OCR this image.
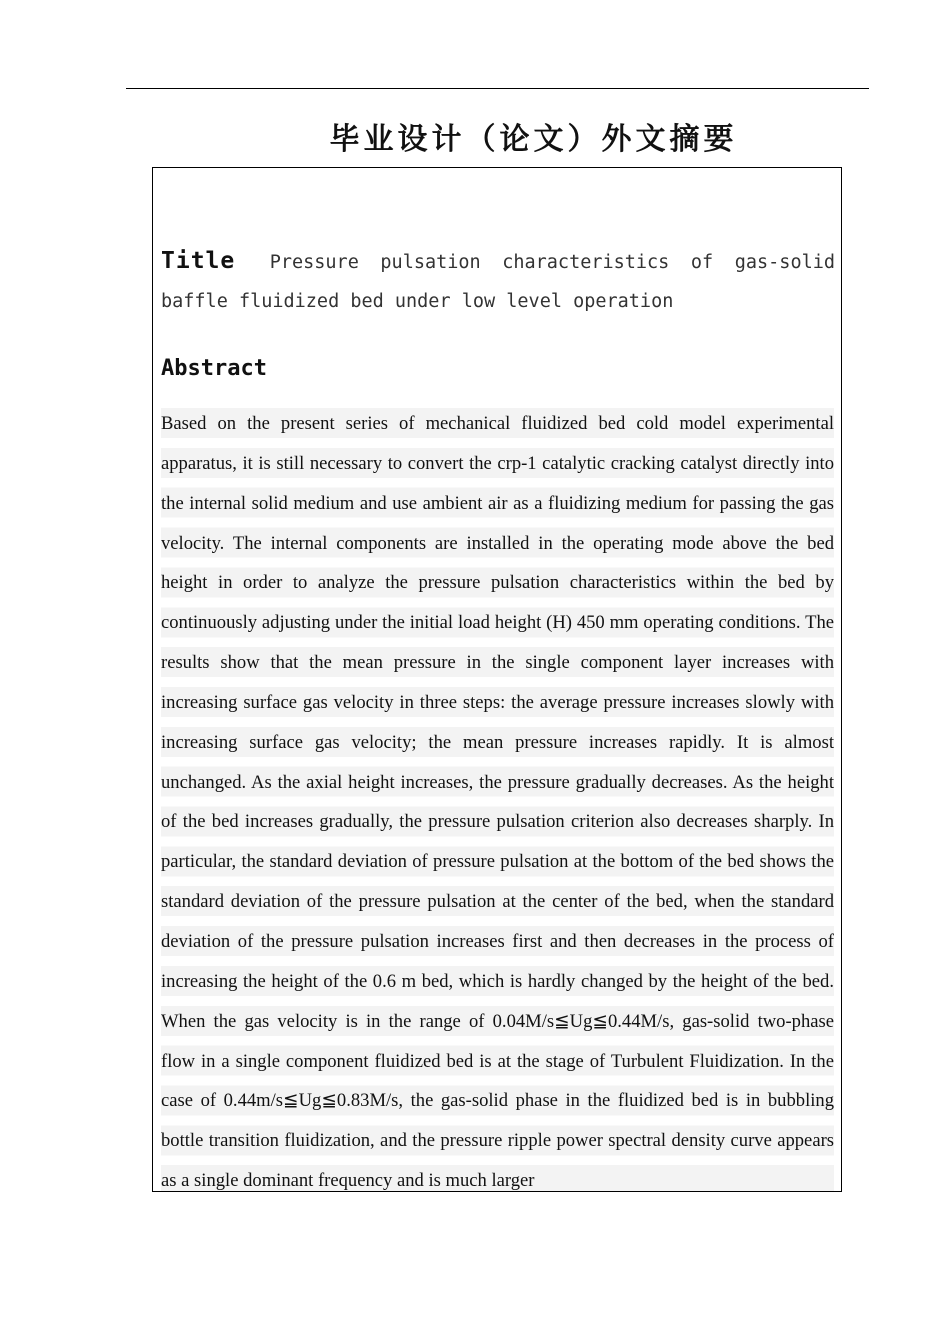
毕业设计（论文）外文摘要
Title Pressure pulsation characteristics of gas-solid baffle fluidized bed under low level operation
Abstract

Based on the present series of mechanical fluidized bed cold model experimental apparatus, it is still necessary to convert the crp-1 catalytic cracking catalyst directly into the internal solid medium and use ambient air as a fluidizing medium for passing the gas velocity. The internal components are installed in the operating mode above the bed height in order to analyze the pressure pulsation characteristics within the bed by continuously adjusting under the initial load height (H) 450 mm operating conditions. The results show that the mean pressure in the single component layer increases with increasing surface gas velocity in three steps: the average pressure increases slowly with increasing surface gas velocity; the mean pressure increases rapidly. It is almost unchanged. As the axial height increases, the pressure gradually decreases. As the height of the bed increases gradually, the pressure pulsation criterion also decreases sharply. In particular, the standard deviation of pressure pulsation at the bottom of the bed shows the standard deviation of the pressure pulsation at the center of the bed, when the standard deviation of the pressure pulsation increases first and then decreases in the process of increasing the height of the 0.6 m bed, which is hardly changed by the height of the bed. When the gas velocity is in the range of 0.04M/s≦Ug≦0.44M/s, gas-solid two-phase flow in a single component fluidized bed is at the stage of Turbulent Fluidization. In the case of 0.44m/s≦Ug≦0.83M/s, the gas-solid phase in the fluidized bed is in bubbling bottle transition fluidization, and the pressure ripple power spectral density curve appears as a single dominant frequency and is much larger
